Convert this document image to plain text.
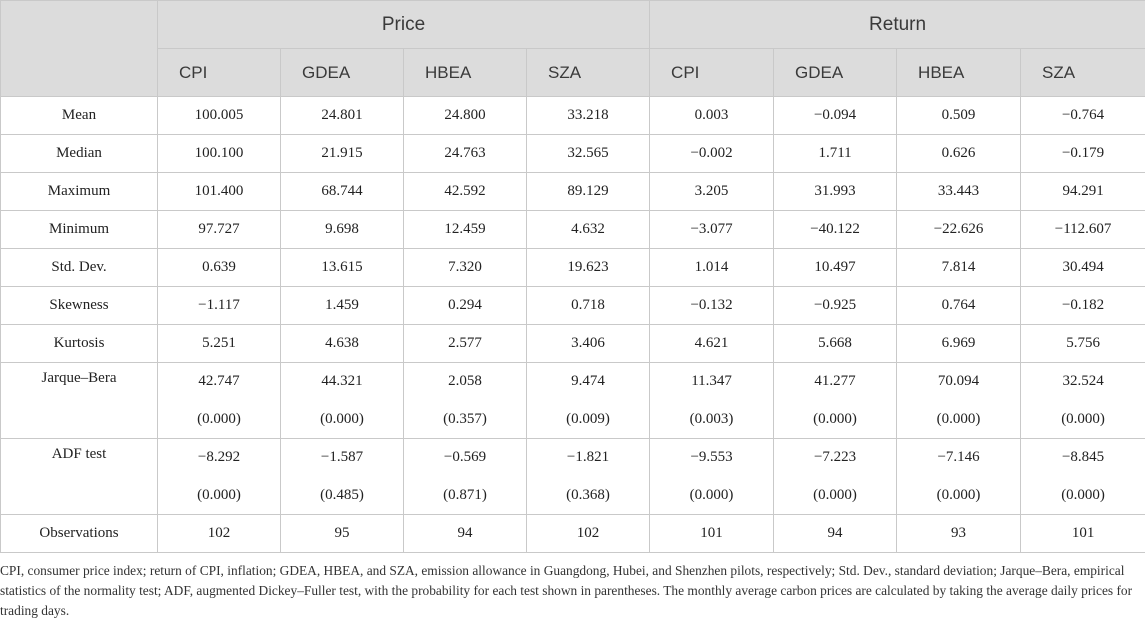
	Price				Return			
	CPI	GDEA	HBEA	SZA	CPI	GDEA	HBEA	SZA
Mean	100.005	24.801	24.800	33.218	0.003	−0.094	0.509	−0.764
Median	100.100	21.915	24.763	32.565	−0.002	1.711	0.626	−0.179
Maximum	101.400	68.744	42.592	89.129	3.205	31.993	33.443	94.291
Minimum	97.727	9.698	12.459	4.632	−3.077	−40.122	−22.626	−112.607
Std. Dev.	0.639	13.615	7.320	19.623	1.014	10.497	7.814	30.494
Skewness	−1.117	1.459	0.294	0.718	−0.132	−0.925	0.764	−0.182
Kurtosis	5.251	4.638	2.577	3.406	4.621	5.668	6.969	5.756
Jarque–Bera	42.747	44.321	2.058	9.474	11.347	41.277	70.094	32.524
	(0.000)	(0.000)	(0.357)	(0.009)	(0.003)	(0.000)	(0.000)	(0.000)
ADF test	−8.292	−1.587	−0.569	−1.821	−9.553	−7.223	−7.146	−8.845
	(0.000)	(0.485)	(0.871)	(0.368)	(0.000)	(0.000)	(0.000)	(0.000)
Observations	102	95	94	102	101	94	93	101

CPI, consumer price index; return of CPI, inflation; GDEA, HBEA, and SZA, emission allowance in Guangdong, Hubei, and Shenzhen pilots, respectively; Std. Dev., standard deviation; Jarque–Bera, empirical statistics of the normality test; ADF, augmented Dickey–Fuller test, with the probability for each test shown in parentheses. The monthly average carbon prices are calculated by taking the average daily prices for trading days.
